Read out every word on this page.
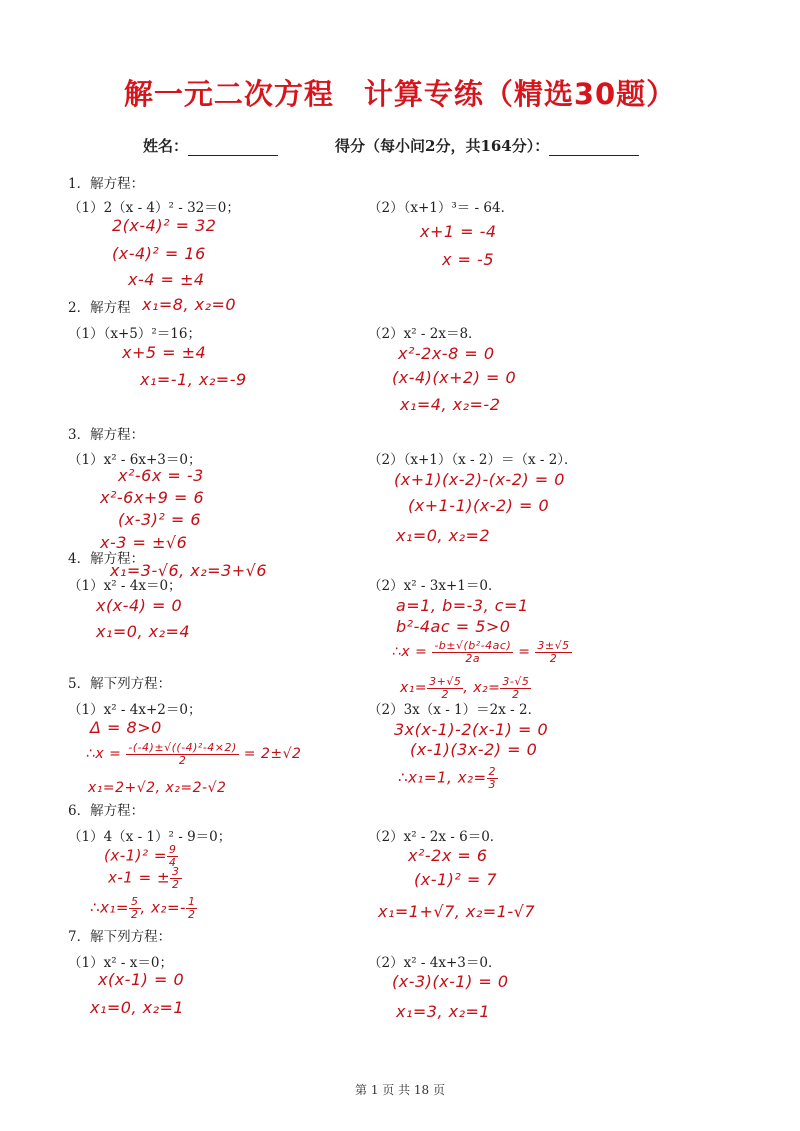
解一元二次方程　计算专练（精选30题）
姓名：	得分（每小问2分，共164分）：
1．解方程：
（1）2（x - 4）² - 32＝0；
2(x-4)² = 32
(x-4)² = 16
x-4 = ±4
（2）（x+1）³＝ - 64．
x+1 = -4
x = -5
2．解方程 x₁=8, x₂=0
（1）（x+5）²＝16；
x+5 = ±4
x₁=-1, x₂=-9
（2）x² - 2x＝8．
x²-2x-8 = 0
(x-4)(x+2) = 0
x₁=4, x₂=-2
3．解方程：
（1）x² - 6x+3＝0；
x²-6x = -3
x²-6x+9 = 6
(x-3)² = 6
x-3 = ±√6
x₁=3-√6, x₂=3+√6
（2）（x+1）（x - 2）＝（x - 2）．
(x+1)(x-2)-(x-2) = 0
(x+1-1)(x-2) = 0
x₁=0, x₂=2
4．解方程：
（1）x² - 4x＝0；
x(x-4) = 0
x₁=0, x₂=4
（2）x² - 3x+1＝0．
a=1, b=-3, c=1
b²-4ac = 5>0
∴x = $\frac{\text{-b±√(b²-4ac)}}{2a} = \frac{3\pm√5}{2}$
$x_1= \frac{3+√5}{2}$ , $x_2= \frac{3-√5}{2}$
5．解下列方程：
（1）x² - 4x+2＝0；
Δ = 8>0
∴x = $\frac{\text{-(-4)±√((-4)²-4×2)}}{2} = 2\pm√2$
x₁=2+√2, x₂=2-√2
（2）3x（x - 1）＝2x - 2．
3x(x-1)-2(x-1) = 0
(x-1)(3x-2) = 0
∴x₁=1, $x_2= \frac{2}{3}$
6．解方程：
（1）4（x - 1）² - 9＝0；
$(x-1)^2 = \frac{9}{4}$
x-1 = ± $\frac{3}{2}$
∴x₁= $\frac{5}{2}$ , $x_2=- \frac{1}{2}$
（2）x² - 2x - 6＝0．
x²-2x = 6
(x-1)² = 7
x₁=1+√7, x₂=1-√7
7．解下列方程：
（1）x² - x＝0；
x(x-1) = 0
x₁=0, x₂=1
（2）x² - 4x+3＝0．
(x-3)(x-1) = 0
x₁=3, x₂=1
第 1 页 共 18 页
